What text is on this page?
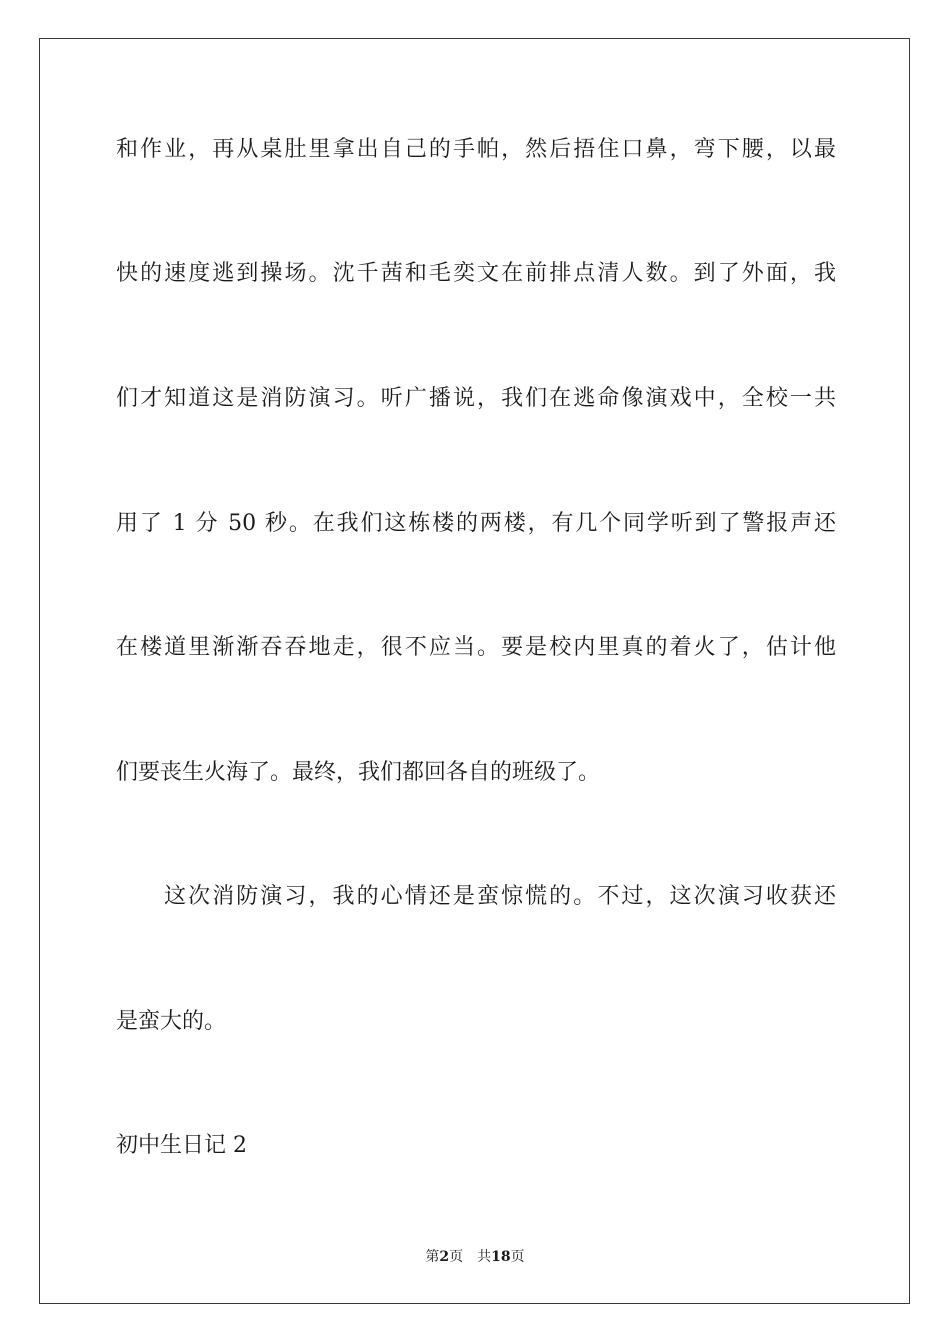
和作业，再从桌肚里拿出自己的手帕，然后捂住口鼻，弯下腰，以最
快的速度逃到操场。沈千茜和毛奕文在前排点清人数。到了外面，我
们才知道这是消防演习。听广播说，我们在逃命像演戏中，全校一共
用了 1 分 50 秒。在我们这栋楼的两楼，有几个同学听到了警报声还
在楼道里渐渐吞吞地走，很不应当。要是校内里真的着火了，估计他
们要丧生火海了。最终，我们都回各自的班级了。
这次消防演习，我的心情还是蛮惊慌的。不过，这次演习收获还
是蛮大的。
初中生日记 2
第2页 共18页
